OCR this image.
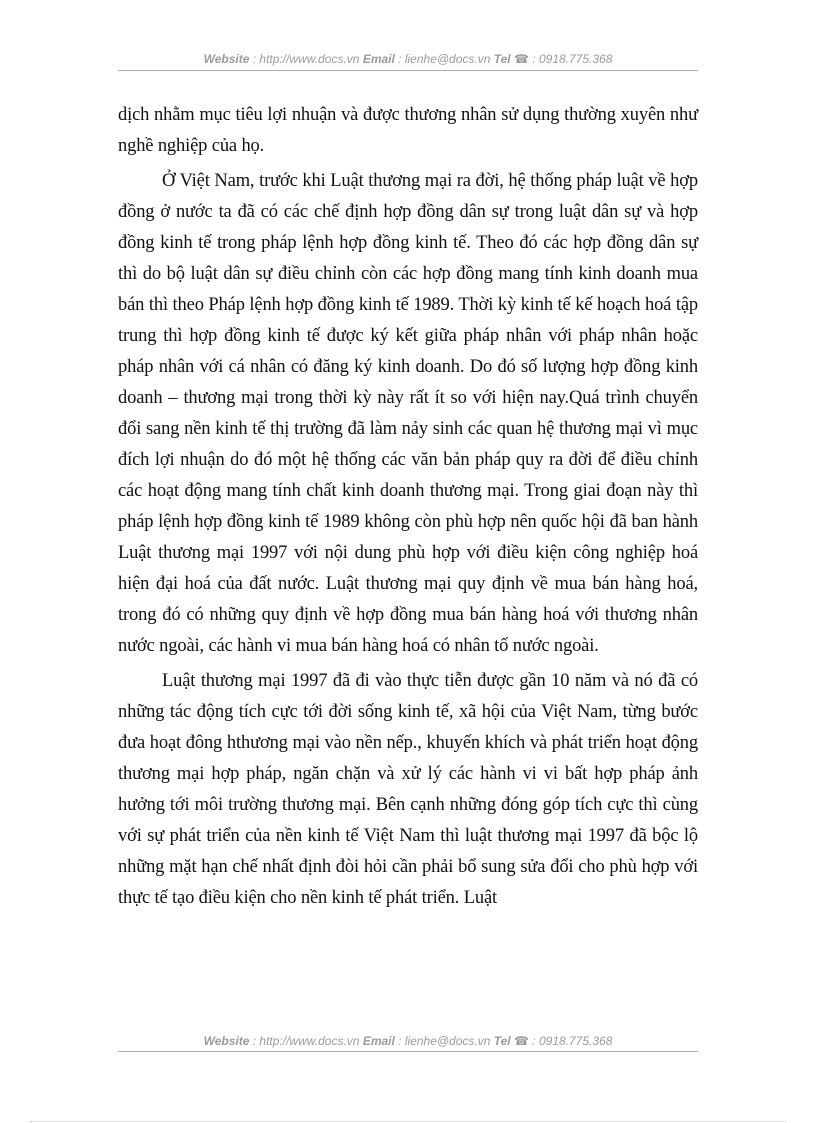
Website : http://www.docs.vn Email : lienhe@docs.vn Tel ☎ : 0918.775.368

dịch nhằm mục tiêu lợi nhuận và được thương nhân sử dụng thường xuyên như nghề nghiệp của họ.

Ở Việt Nam, trước khi Luật thương mại ra đời, hệ thống pháp luật về hợp đồng ở nước ta đã có các chế định hợp đồng dân sự trong luật dân sự và hợp đồng kinh tế trong pháp lệnh hợp đồng kinh tế. Theo đó các hợp đồng dân sự thì do bộ luật dân sự điều chỉnh còn các hợp đồng mang tính kinh doanh mua bán thì theo Pháp lệnh hợp đồng kinh tế 1989. Thời kỳ kinh tế kế hoạch hoá tập trung thì hợp đồng kinh tế được ký kết giữa pháp nhân với pháp nhân hoặc pháp nhân với cá nhân có đăng ký kinh doanh. Do đó số lượng hợp đồng kinh doanh – thương mại trong thời kỳ này rất ít so với hiện nay.Quá trình chuyển đổi sang nền kinh tế thị trường đã làm nảy sinh các quan hệ thương mại vì mục đích lợi nhuận do đó một hệ thống các văn bản pháp quy ra đời để điều chỉnh các hoạt động mang tính chất kinh doanh thương mại. Trong giai đoạn này thì pháp lệnh hợp đồng kinh tế 1989 không còn phù hợp nên quốc hội đã ban hành Luật thương mại 1997 với nội dung phù hợp với điều kiện công nghiệp hoá hiện đại hoá của đất nước. Luật thương mại quy định về mua bán hàng hoá, trong đó có những quy định về hợp đồng mua bán hàng hoá với thương nhân nước ngoài, các hành vi mua bán hàng hoá có nhân tố nước ngoài.

Luật thương mại 1997 đã đi vào thực tiễn được gần 10 năm và nó đã có những tác động tích cực tới đời sống kinh tế, xã hội của Việt Nam, từng bước đưa hoạt đông hthương mại vào nền nếp., khuyến khích và phát triển hoạt động thương mại hợp pháp, ngăn chặn và xử lý các hành vi vi bất hợp pháp ảnh hưởng tới môi trường thương mại. Bên cạnh những đóng góp tích cực thì cùng với sự phát triển của nền kinh tế Việt Nam thì luật thương mại 1997 đã bộc lộ những mặt hạn chế nhất định đòi hỏi cần phải bổ sung sửa đổi cho phù hợp với thực tế tạo điều kiện cho nền kinh tế phát triển. Luật

Website : http://www.docs.vn Email : lienhe@docs.vn Tel ☎ : 0918.775.368
